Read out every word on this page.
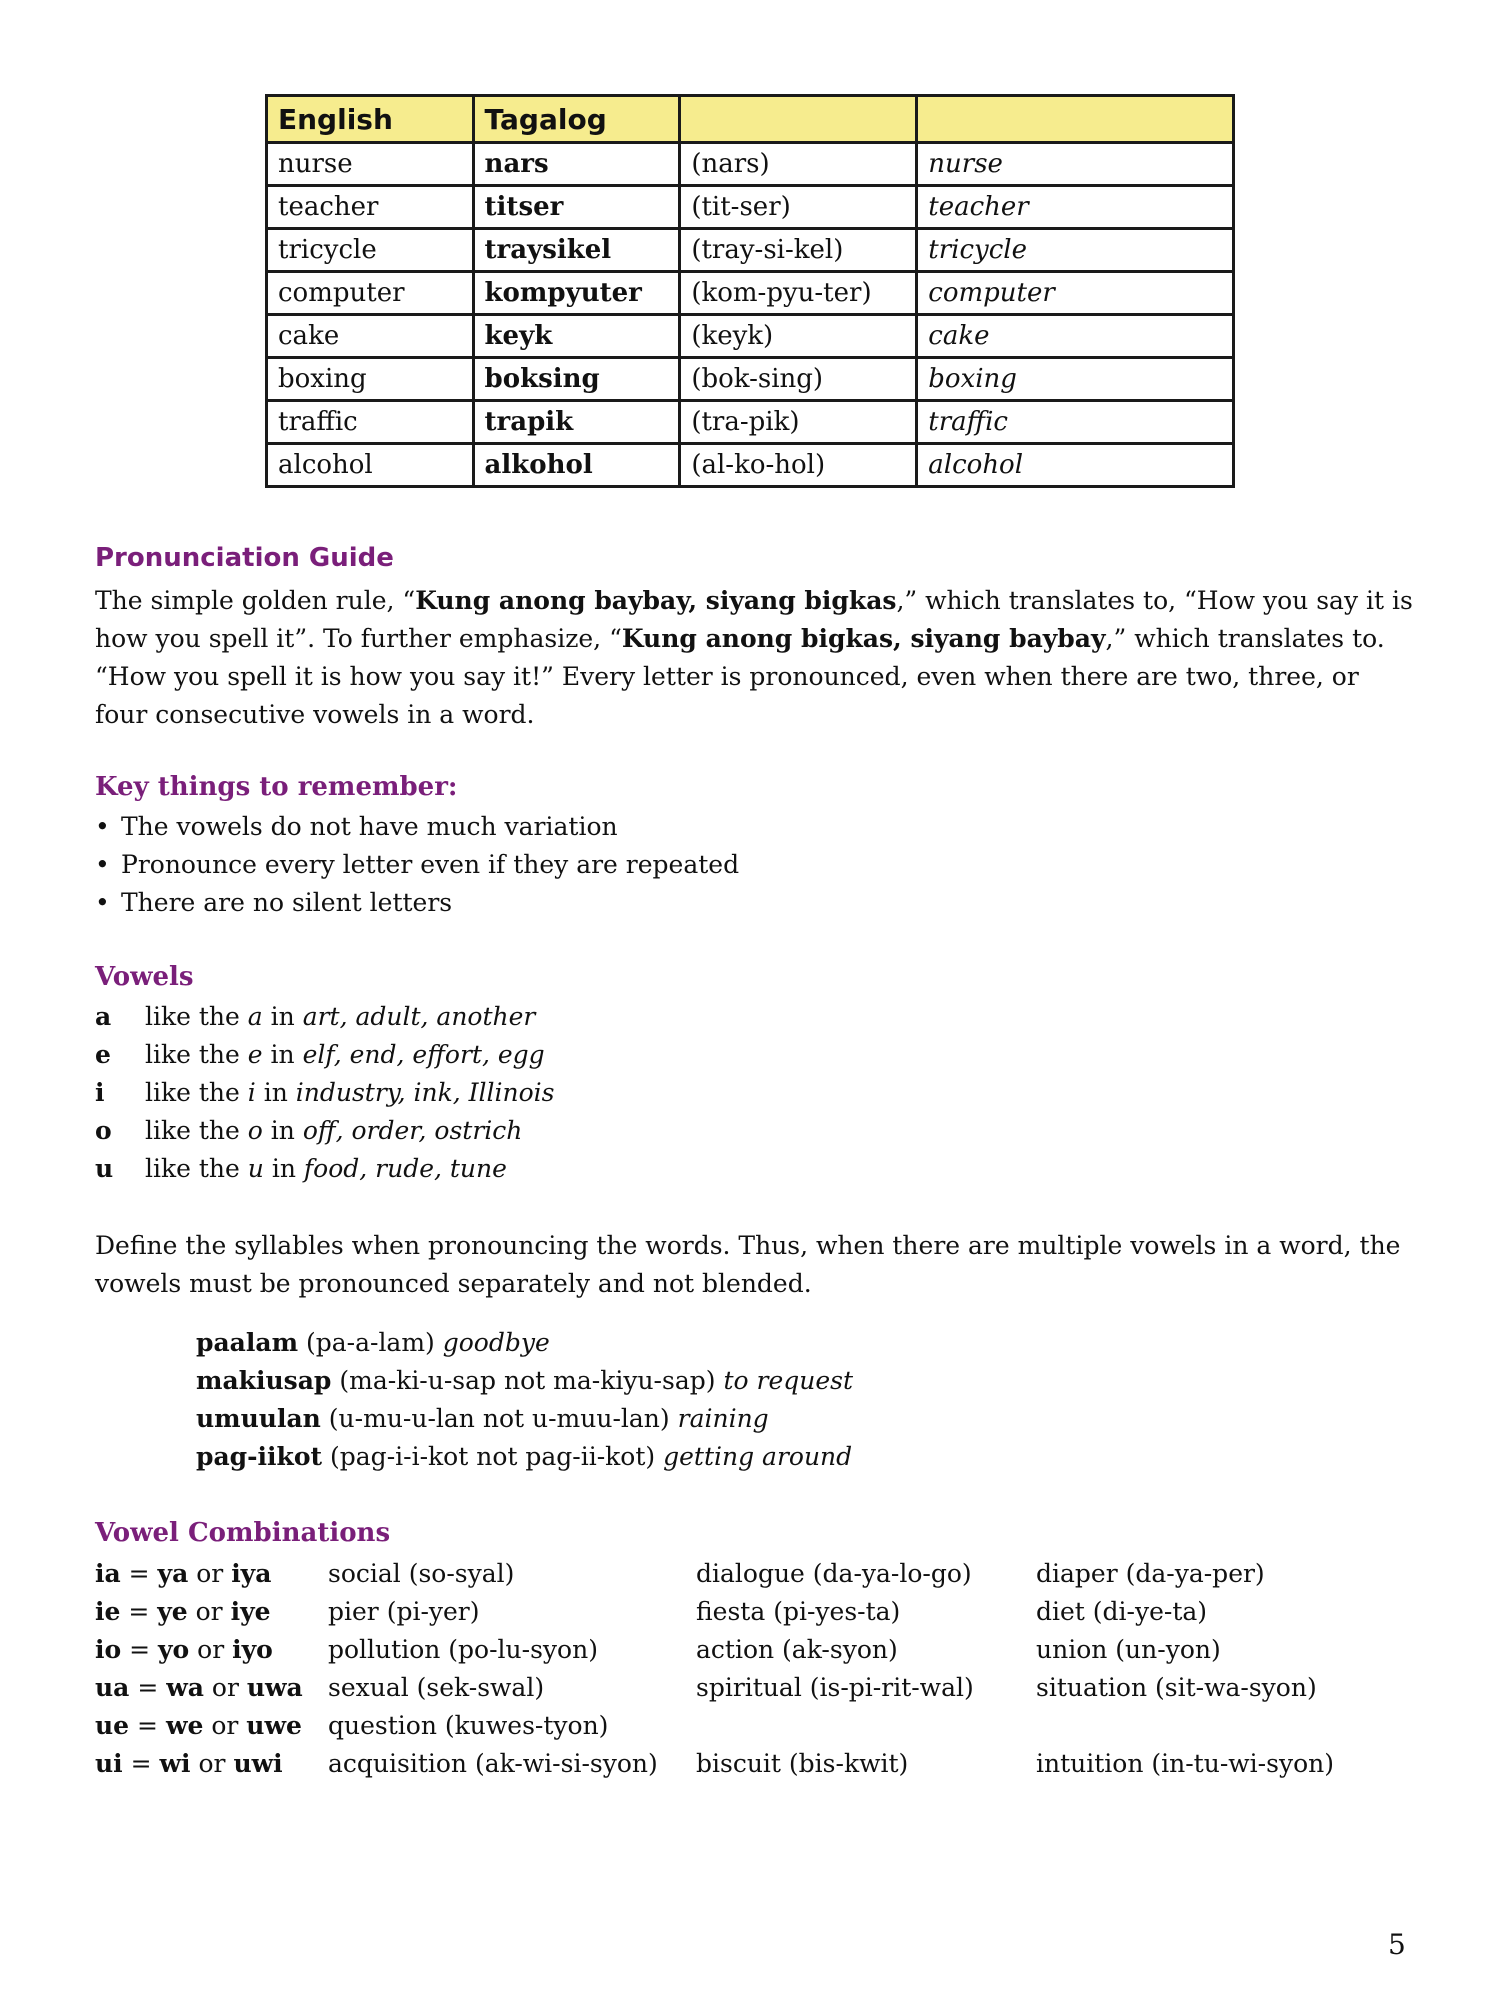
English	Tagalog		
nurse	nars	(nars)	nurse
teacher	titser	(tit-ser)	teacher
tricycle	traysikel	(tray-si-kel)	tricycle
computer	kompyuter	(kom-pyu-ter)	computer
cake	keyk	(keyk)	cake
boxing	boksing	(bok-sing)	boxing
traffic	trapik	(tra-pik)	traffic
alcohol	alkohol	(al-ko-hol)	alcohol
Pronunciation Guide
The simple golden rule, “Kung anong baybay, siyang bigkas,” which translates to, “How you say it is how you spell it”. To further emphasize, “Kung anong bigkas, siyang baybay,” which translates to. “How you spell it is how you say it!” Every letter is pronounced, even when there are two, three, or four consecutive vowels in a word.
Key things to remember:
• The vowels do not have much variation
• Pronounce every letter even if they are repeated
• There are no silent letters
Vowels
a	like the a in art, adult, another
e	like the e in elf, end, effort, egg
i	like the i in industry, ink, Illinois
o	like the o in off, order, ostrich
u	like the u in food, rude, tune
Define the syllables when pronouncing the words. Thus, when there are multiple vowels in a word, the vowels must be pronounced separately and not blended.
paalam (pa-a-lam) goodbye
makiusap (ma-ki-u-sap not ma-kiyu-sap) to request
umuulan (u-mu-u-lan not u-muu-lan) raining
pag-iikot (pag-i-i-kot not pag-ii-kot) getting around
Vowel Combinations
ia = ya or iya	social (so-syal)	dialogue (da-ya-lo-go)	diaper (da-ya-per)
ie = ye or iye	pier (pi-yer)	fiesta (pi-yes-ta)	diet (di-ye-ta)
io = yo or iyo	pollution (po-lu-syon)	action (ak-syon)	union (un-yon)
ua = wa or uwa	sexual (sek-swal)	spiritual (is-pi-rit-wal)	situation (sit-wa-syon)
ue = we or uwe	question (kuwes-tyon)
ui = wi or uwi	acquisition (ak-wi-si-syon)	biscuit (bis-kwit)	intuition (in-tu-wi-syon)
5
